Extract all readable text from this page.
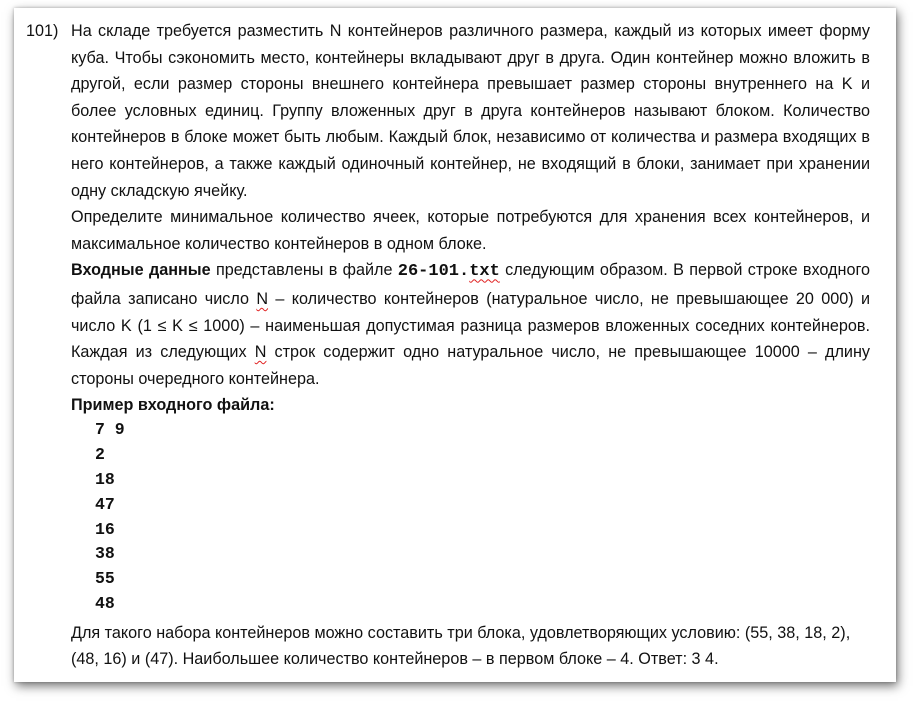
101) На складе требуется разместить N контейнеров различного размера, каждый из которых имеет форму куба. Чтобы сэкономить место, контейнеры вкладывают друг в друга. Один контейнер можно вложить в другой, если размер стороны внешнего контейнера превышает размер стороны внутреннего на K и более условных единиц. Группу вложенных друг в друга контейнеров называют блоком. Количество контейнеров в блоке может быть любым. Каждый блок, независимо от количества и размера входящих в него контейнеров, а также каждый одиночный контейнер, не входящий в блоки, занимает при хранении одну складскую ячейку.

Определите минимальное количество ячеек, которые потребуются для хранения всех контейнеров, и максимальное количество контейнеров в одном блоке.

Входные данные представлены в файле 26-101.txt следующим образом. В первой строке входного файла записано число N – количество контейнеров (натуральное число, не превышающее 20 000) и число K (1 ≤ K ≤ 1000) – наименьшая допустимая разница размеров вложенных соседних контейнеров. Каждая из следующих N строк содержит одно натуральное число, не превышающее 10000 – длину стороны очередного контейнера.

Пример входного файла:

7 9
2
18
47
16
38
55
48

Для такого набора контейнеров можно составить три блока, удовлетворяющих условию: (55, 38, 18, 2), (48, 16) и (47). Наибольшее количество контейнеров – в первом блоке – 4. Ответ: 3 4.
